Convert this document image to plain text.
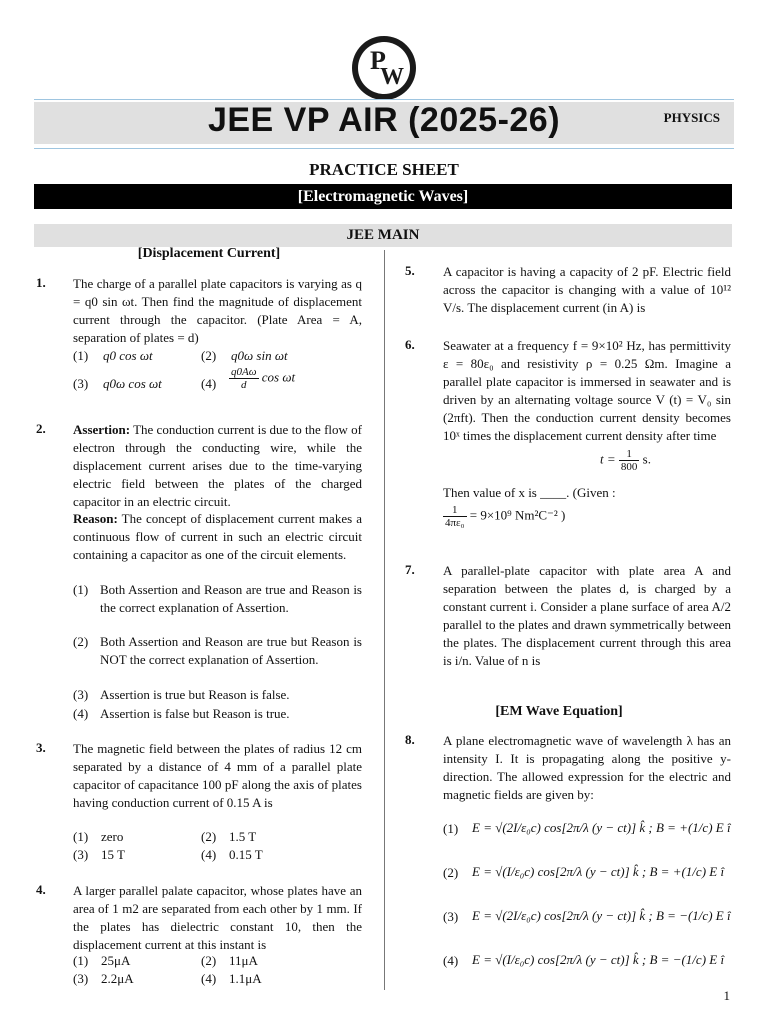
P
W
JEE VP AIR (2025-26)	PHYSICS
PRACTICE SHEET
[Electromagnetic Waves]
JEE MAIN
[Displacement Current]
1. The charge of a parallel plate capacitors is varying as q = q0 sin ωt. Then find the magnitude of displacement current through the capacitor. (Plate Area = A, separation of plates = d)
(1) q0 cos ωt	(2) q0ω sin ωt
(3) q0ω cos ωt	$(4) \frac{q0A\omega}{d}$ cos ωt
2. Assertion: The conduction current is due to the flow of electron through the conducting wire, while the displacement current arises due to the time-varying electric field between the plates of the charged capacitor in an electric circuit.
Reason: The concept of displacement current makes a continuous flow of current in such an electric circuit containing a capacitor as one of the circuit elements.
(1) Both Assertion and Reason are true and Reason is the correct explanation of Assertion.
(2) Both Assertion and Reason are true but Reason is NOT the correct explanation of Assertion.
(3) Assertion is true but Reason is false.
(4) Assertion is false but Reason is true.
3. The magnetic field between the plates of radius 12 cm separated by a distance of 4 mm of a parallel plate capacitor of capacitance 100 pF along the axis of plates having conduction current of 0.15 A is
(1) zero	(2) 1.5 T
(3) 15 T	(4) 0.15 T
4. A larger parallel palate capacitor, whose plates have an area of 1 m2 are separated from each other by 1 mm. If the plates has dielectric constant 10, then the displacement current at this instant is
(1) 25μA	(2) 11μA
(3) 2.2μA	(4) 1.1μA
5. A capacitor is having a capacity of 2 pF. Electric field across the capacitor is changing with a value of 10¹² V/s. The displacement current (in A) is
6. Seawater at a frequency f = 9×10² Hz, has permittivity ε = 80ε₀ and resistivity ρ = 0.25 Ωm. Imagine a parallel plate capacitor is immersed in seawater and is driven by an alternating voltage source V (t) = V₀ sin (2πft). Then the conduction current density becomes 10ˣ times the displacement current density after time
$t = \frac{1}{800} s$.
Then value of x is ____. (Given :
$\frac{1}{\text{4πε₀}} = 9\times 10^9$ Nm²C⁻² )
7. A parallel-plate capacitor with plate area A and separation between the plates d, is charged by a constant current i. Consider a plane surface of area A/2 parallel to the plates and drawn symmetrically between the plates. The displacement current through this area is i/n. Value of n is
[EM Wave Equation]
8. A plane electromagnetic wave of wavelength λ has an intensity I. It is propagating along the positive y-direction. The allowed expression for the electric and magnetic fields are given by:
(1) E = √(2I/ε₀c) cos[2π/λ (y − ct)] k̂ ; B = +(1/c) E î
(2) E = √(I/ε₀c) cos[2π/λ (y − ct)] k̂ ; B = +(1/c) E î
(3) E = √(2I/ε₀c) cos[2π/λ (y − ct)] k̂ ; B = −(1/c) E î
(4) E = √(I/ε₀c) cos[2π/λ (y − ct)] k̂ ; B = −(1/c) E î
1
